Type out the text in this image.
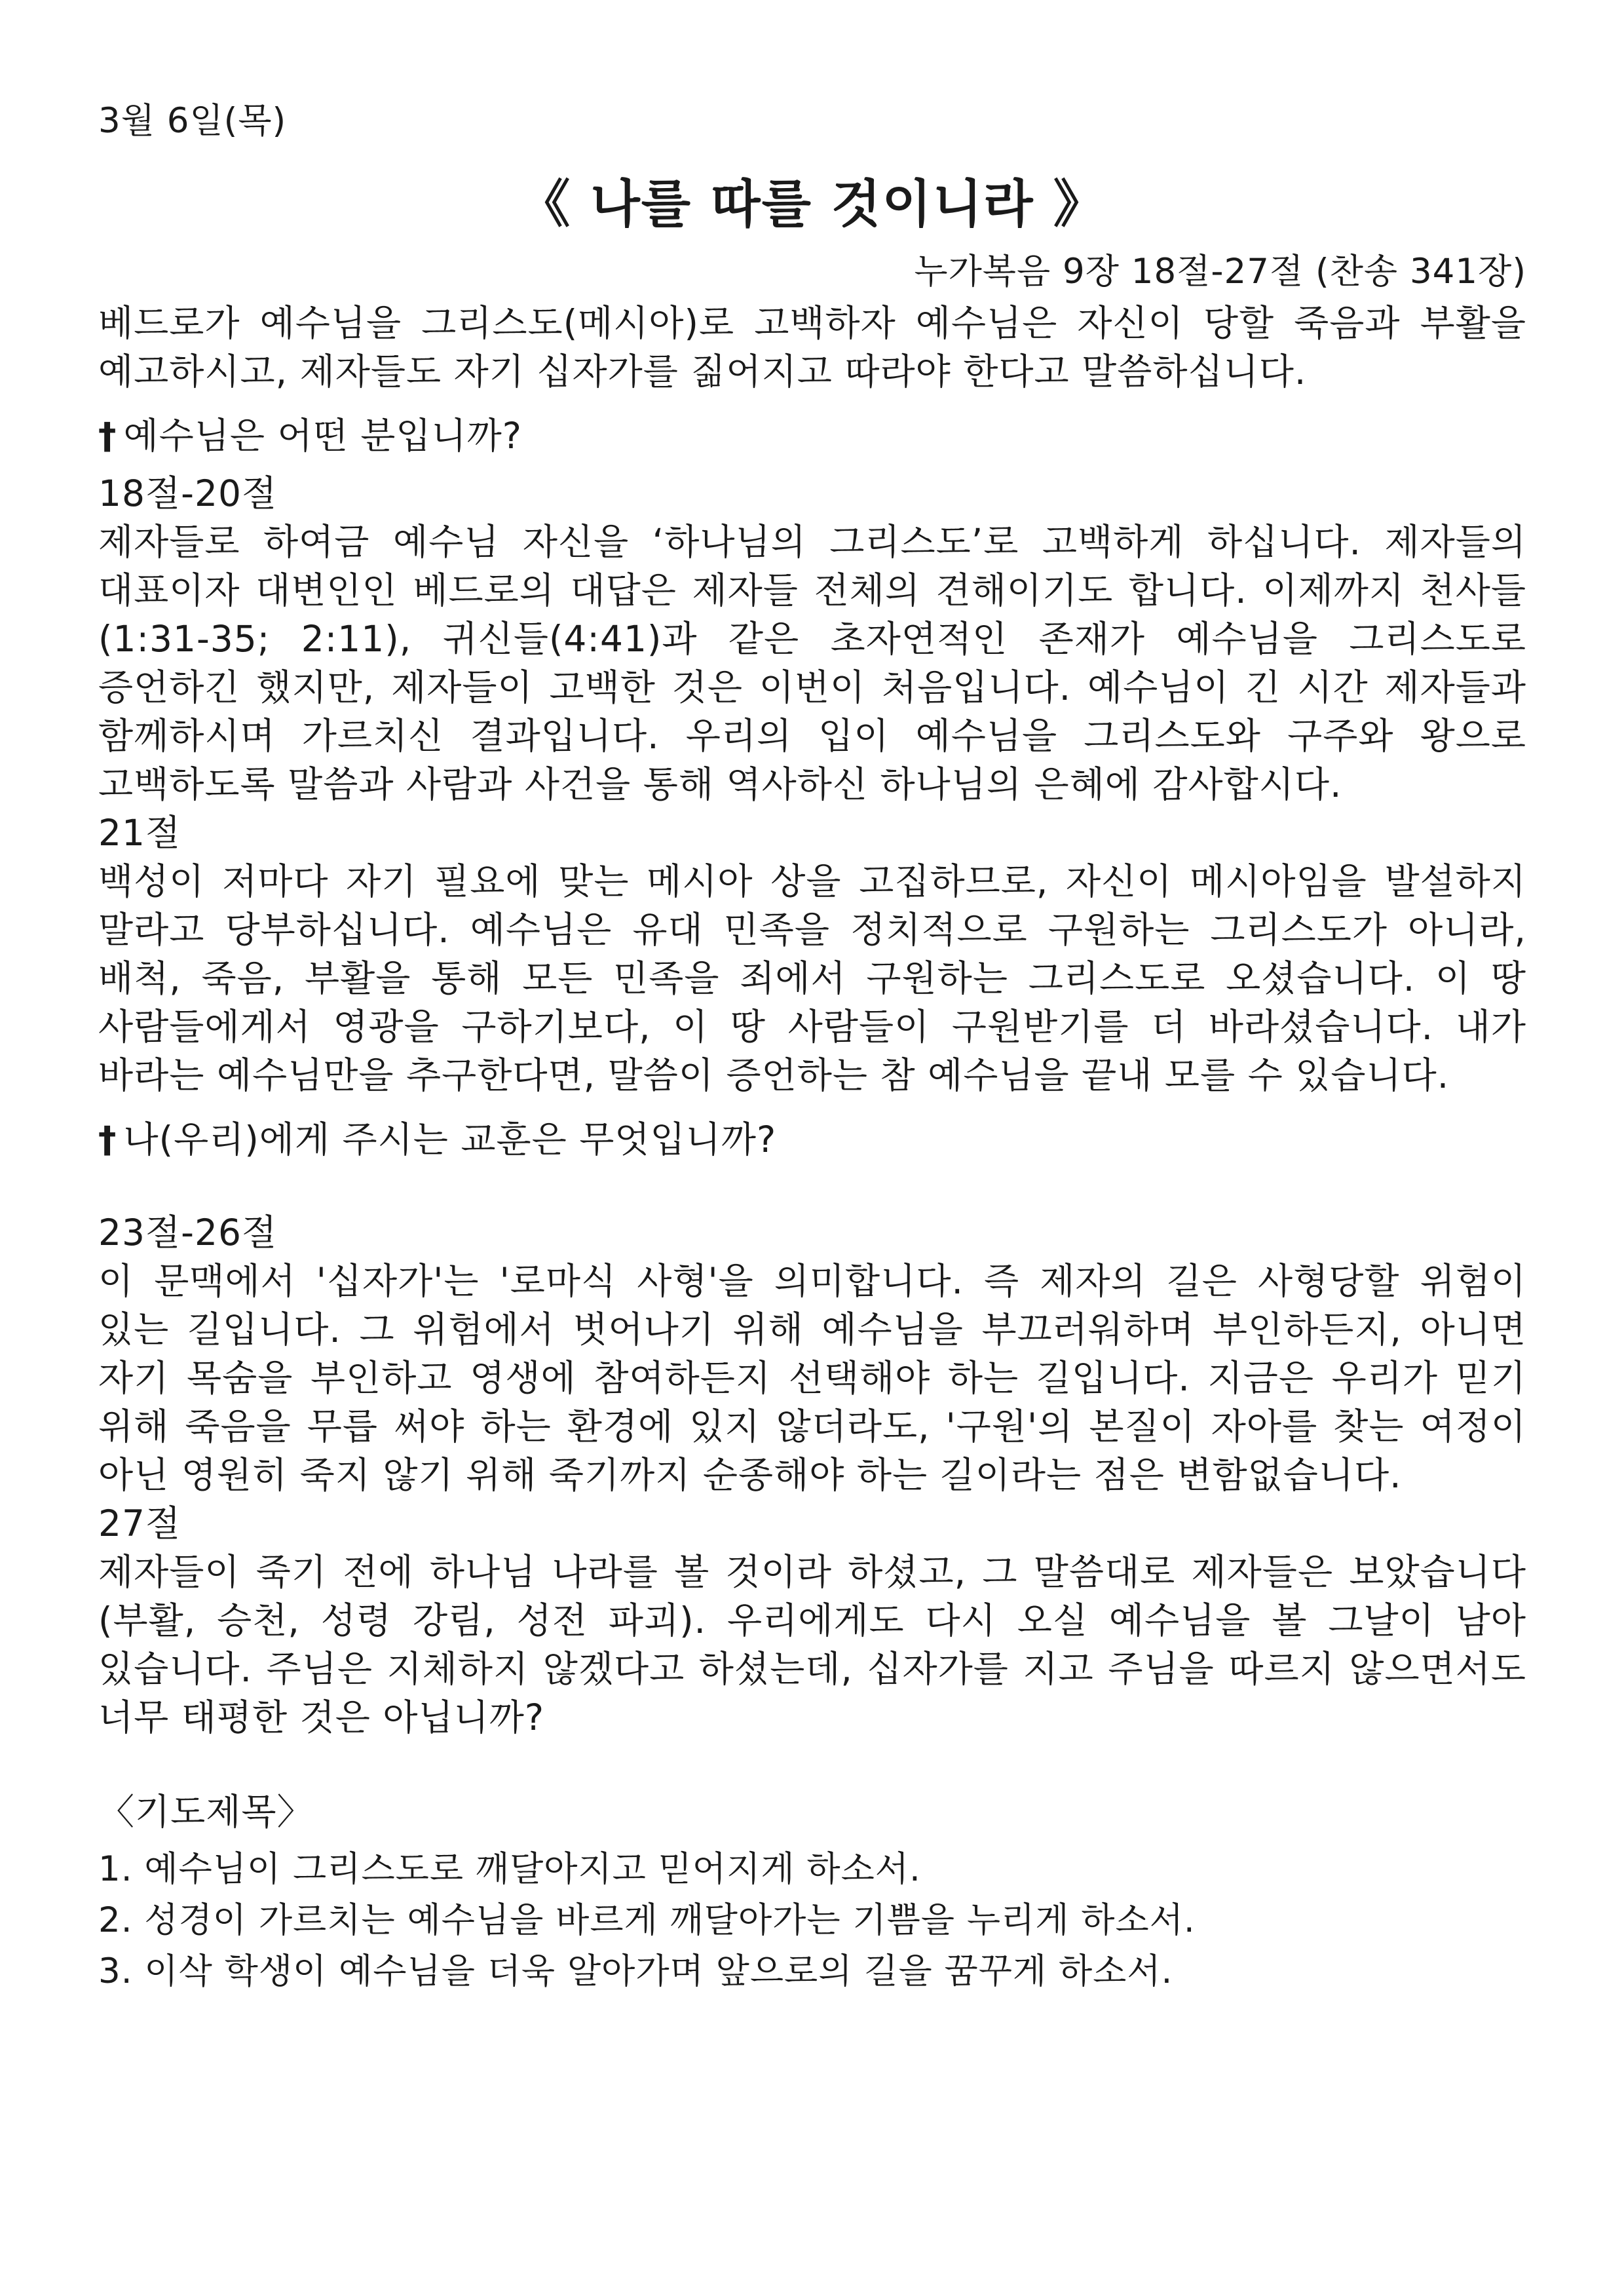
3월 6일(목)

《 나를 따를 것이니라 》

누가복음 9장 18절-27절 (찬송 341장)

베드로가 예수님을 그리스도(메시아)로 고백하자 예수님은 자신이 당할 죽음과 부활을 예고하시고, 제자들도 자기 십자가를 짊어지고 따라야 한다고 말씀하십니다.

† 예수님은 어떤 분입니까?

18절-20절

제자들로 하여금 예수님 자신을 ‘하나님의 그리스도’로 고백하게 하십니다. 제자들의 대표이자 대변인인 베드로의 대답은 제자들 전체의 견해이기도 합니다. 이제까지 천사들(1:31-35; 2:11), 귀신들(4:41)과 같은 초자연적인 존재가 예수님을 그리스도로 증언하긴 했지만, 제자들이 고백한 것은 이번이 처음입니다. 예수님이 긴 시간 제자들과 함께하시며 가르치신 결과입니다. 우리의 입이 예수님을 그리스도와 구주와 왕으로 고백하도록 말씀과 사람과 사건을 통해 역사하신 하나님의 은혜에 감사합시다.

21절

백성이 저마다 자기 필요에 맞는 메시아 상을 고집하므로, 자신이 메시아임을 발설하지 말라고 당부하십니다. 예수님은 유대 민족을 정치적으로 구원하는 그리스도가 아니라, 배척, 죽음, 부활을 통해 모든 민족을 죄에서 구원하는 그리스도로 오셨습니다. 이 땅 사람들에게서 영광을 구하기보다, 이 땅 사람들이 구원받기를 더 바라셨습니다. 내가 바라는 예수님만을 추구한다면, 말씀이 증언하는 참 예수님을 끝내 모를 수 있습니다.

† 나(우리)에게 주시는 교훈은 무엇입니까?

23절-26절

이 문맥에서 '십자가'는 '로마식 사형'을 의미합니다. 즉 제자의 길은 사형당할 위험이 있는 길입니다. 그 위험에서 벗어나기 위해 예수님을 부끄러워하며 부인하든지, 아니면 자기 목숨을 부인하고 영생에 참여하든지 선택해야 하는 길입니다. 지금은 우리가 믿기 위해 죽음을 무릅 써야 하는 환경에 있지 않더라도, '구원'의 본질이 자아를 찾는 여정이 아닌 영원히 죽지 않기 위해 죽기까지 순종해야 하는 길이라는 점은 변함없습니다.

27절

제자들이 죽기 전에 하나님 나라를 볼 것이라 하셨고, 그 말씀대로 제자들은 보았습니다(부활, 승천, 성령 강림, 성전 파괴). 우리에게도 다시 오실 예수님을 볼 그날이 남아 있습니다. 주님은 지체하지 않겠다고 하셨는데, 십자가를 지고 주님을 따르지 않으면서도 너무 태평한 것은 아닙니까?

〈기도제목〉

1. 예수님이 그리스도로 깨달아지고 믿어지게 하소서.

2. 성경이 가르치는 예수님을 바르게 깨달아가는 기쁨을 누리게 하소서.

3. 이삭 학생이 예수님을 더욱 알아가며 앞으로의 길을 꿈꾸게 하소서.
